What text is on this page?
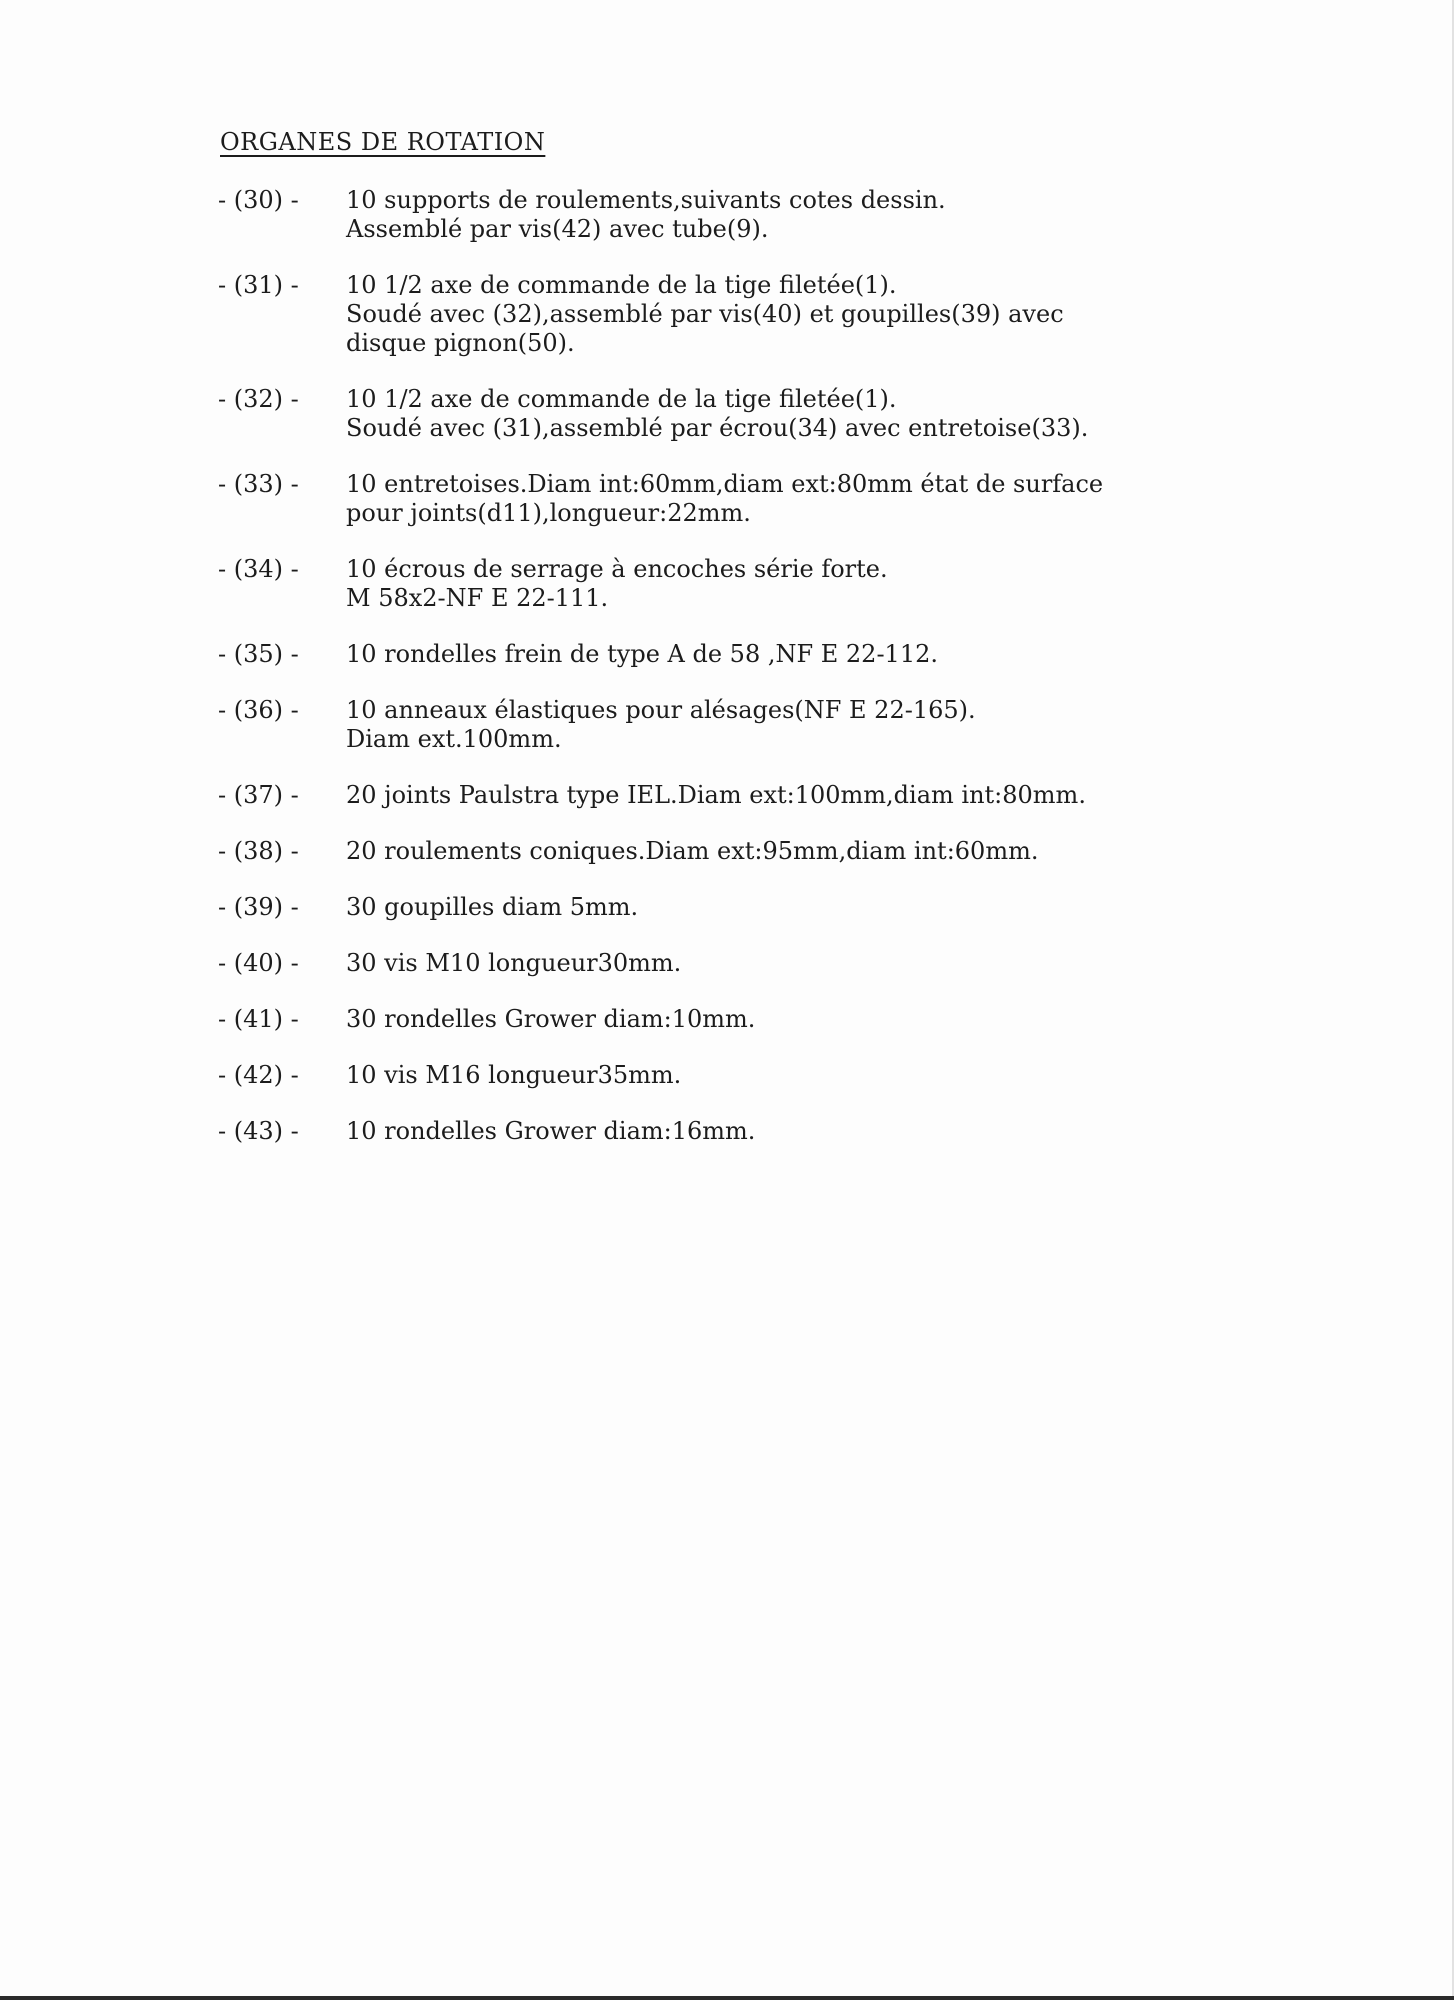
ORGANES DE ROTATION
- (30) -	10 supports de roulements,suivants cotes dessin.
Assemblé par vis(42) avec tube(9).
- (31) -	10 1/2 axe de commande de la tige filetée(1).
Soudé avec (32),assemblé par vis(40) et goupilles(39) avec
disque pignon(50).
- (32) -	10 1/2 axe de commande de la tige filetée(1).
Soudé avec (31),assemblé par écrou(34) avec entretoise(33).
- (33) -	10 entretoises.Diam int:60mm,diam ext:80mm état de surface
pour joints(d11),longueur:22mm.
- (34) -	10 écrous de serrage à encoches série forte.
M 58x2-NF E 22-111.
- (35) -	10 rondelles frein de type A de 58 ,NF E 22-112.
- (36) -	10 anneaux élastiques pour alésages(NF E 22-165).
Diam ext.100mm.
- (37) -	20 joints Paulstra type IEL.Diam ext:100mm,diam int:80mm.
- (38) -	20 roulements coniques.Diam ext:95mm,diam int:60mm.
- (39) -	30 goupilles diam 5mm.
- (40) -	30 vis M10 longueur30mm.
- (41) -	30 rondelles Grower diam:10mm.
- (42) -	10 vis M16 longueur35mm.
- (43) -	10 rondelles Grower diam:16mm.
